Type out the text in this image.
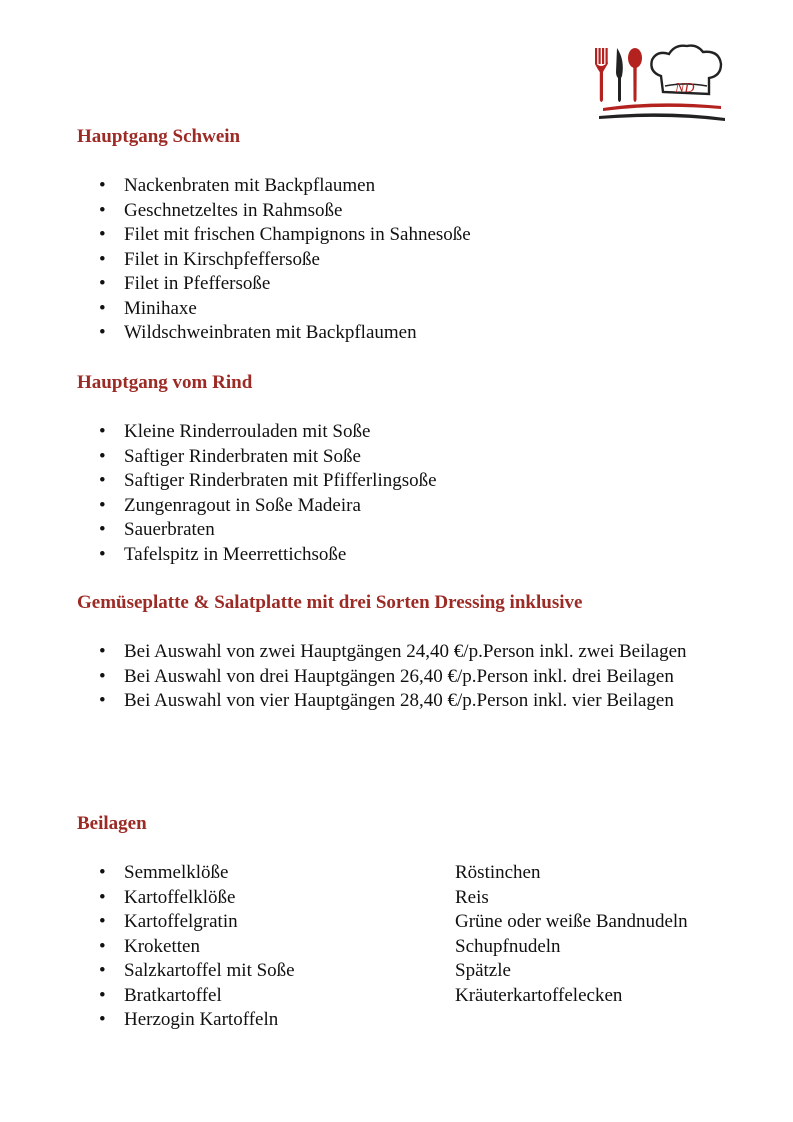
ND
Hauptgang Schwein
• Nackenbraten mit Backpflaumen
• Geschnetzeltes in Rahmsoße
• Filet mit frischen Champignons in Sahnesoße
• Filet in Kirschpfeffersoße
• Filet in Pfeffersoße
• Minihaxe
• Wildschweinbraten mit Backpflaumen
Hauptgang vom Rind
• Kleine Rinderrouladen mit Soße
• Saftiger Rinderbraten mit Soße
• Saftiger Rinderbraten mit Pfifferlingsoße
• Zungenragout in Soße Madeira
• Sauerbraten
• Tafelspitz in Meerrettichsoße
Gemüseplatte & Salatplatte mit drei Sorten Dressing inklusive
• Bei Auswahl von zwei Hauptgängen 24,40 €/p.Person inkl. zwei Beilagen
• Bei Auswahl von drei Hauptgängen 26,40 €/p.Person inkl. drei Beilagen
• Bei Auswahl von vier Hauptgängen 28,40 €/p.Person inkl. vier Beilagen
Beilagen
• Semmelklöße
• Kartoffelklöße
• Kartoffelgratin
• Kroketten
• Salzkartoffel mit Soße
• Bratkartoffel
• Herzogin Kartoffeln
Röstinchen
Reis
Grüne oder weiße Bandnudeln
Schupfnudeln
Spätzle
Kräuterkartoffelecken
